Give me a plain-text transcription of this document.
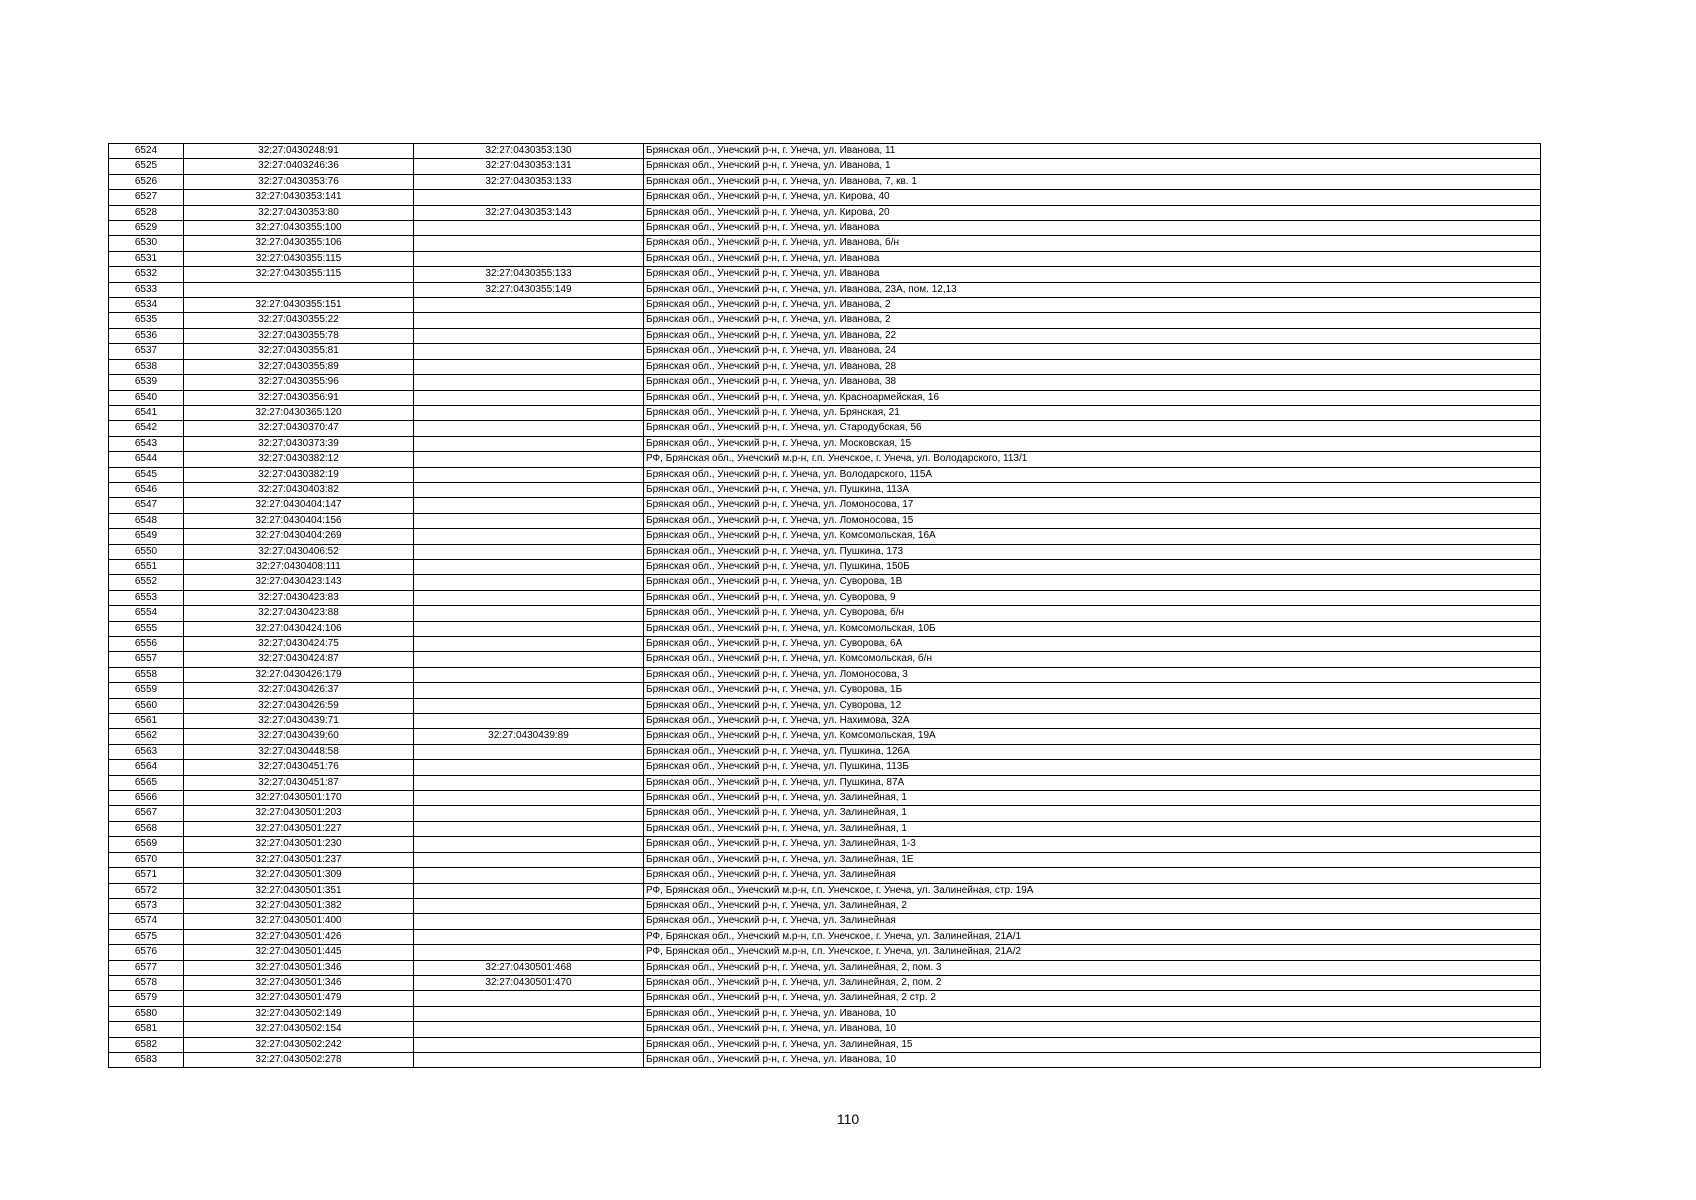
6524	32:27:0430248:91	32:27:0430353:130	Брянская обл., Унечский р-н, г. Унеча, ул. Иванова, 11
6525	32:27:0403246:36	32:27:0430353:131	Брянская обл., Унечский р-н, г. Унеча, ул. Иванова, 1
6526	32:27:0430353:76	32:27:0430353:133	Брянская обл., Унечский р-н, г. Унеча, ул. Иванова, 7, кв. 1
6527	32:27:0430353:141		Брянская обл., Унечский р-н, г. Унеча, ул. Кирова, 40
6528	32:27:0430353:80	32:27:0430353:143	Брянская обл., Унечский р-н, г. Унеча, ул. Кирова, 20
6529	32:27:0430355:100		Брянская обл., Унечский р-н, г. Унеча, ул. Иванова
6530	32:27:0430355:106		Брянская обл., Унечский р-н, г. Унеча, ул. Иванова, б/н
6531	32:27:0430355:115		Брянская обл., Унечский р-н, г. Унеча, ул. Иванова
6532	32:27:0430355:115	32:27:0430355:133	Брянская обл., Унечский р-н, г. Унеча, ул. Иванова
6533		32:27:0430355:149	Брянская обл., Унечский р-н, г. Унеча, ул. Иванова, 23А, пом. 12,13
6534	32:27:0430355:151		Брянская обл., Унечский р-н, г. Унеча, ул. Иванова, 2
6535	32:27:0430355:22		Брянская обл., Унечский р-н, г. Унеча, ул. Иванова, 2
6536	32:27:0430355:78		Брянская обл., Унечский р-н, г. Унеча, ул. Иванова, 22
6537	32:27:0430355:81		Брянская обл., Унечский р-н, г. Унеча, ул. Иванова, 24
6538	32:27:0430355:89		Брянская обл., Унечский р-н, г. Унеча, ул. Иванова, 28
6539	32:27:0430355:96		Брянская обл., Унечский р-н, г. Унеча, ул. Иванова, 38
6540	32:27:0430356:91		Брянская обл., Унечский р-н, г. Унеча, ул. Красноармейская, 16
6541	32:27:0430365:120		Брянская обл., Унечский р-н, г. Унеча, ул. Брянская, 21
6542	32:27:0430370:47		Брянская обл., Унечский р-н, г. Унеча, ул. Стародубская, 56
6543	32:27:0430373:39		Брянская обл., Унечский р-н, г. Унеча, ул. Московская, 15
6544	32:27:0430382:12		РФ, Брянская обл., Унечский м.р-н, г.п. Унечское, г. Унеча, ул. Володарского, 113/1
6545	32:27:0430382:19		Брянская обл., Унечский р-н, г. Унеча, ул. Володарского, 115А
6546	32:27:0430403:82		Брянская обл., Унечский р-н, г. Унеча, ул. Пушкина, 113А
6547	32:27:0430404:147		Брянская обл., Унечский р-н, г. Унеча, ул. Ломоносова, 17
6548	32:27:0430404:156		Брянская обл., Унечский р-н, г. Унеча, ул. Ломоносова, 15
6549	32:27:0430404:269		Брянская обл., Унечский р-н, г. Унеча, ул. Комсомольская, 16А
6550	32:27:0430406:52		Брянская обл., Унечский р-н, г. Унеча, ул. Пушкина, 173
6551	32:27:0430408:111		Брянская обл., Унечский р-н, г. Унеча, ул. Пушкина, 150Б
6552	32:27:0430423:143		Брянская обл., Унечский р-н, г. Унеча, ул. Суворова, 1В
6553	32:27:0430423:83		Брянская обл., Унечский р-н, г. Унеча, ул. Суворова, 9
6554	32:27:0430423:88		Брянская обл., Унечский р-н, г. Унеча, ул. Суворова, б/н
6555	32:27:0430424:106		Брянская обл., Унечский р-н, г. Унеча, ул. Комсомольская, 10Б
6556	32:27:0430424:75		Брянская обл., Унечский р-н, г. Унеча, ул. Суворова, 6А
6557	32:27:0430424:87		Брянская обл., Унечский р-н, г. Унеча, ул. Комсомольская, б/н
6558	32:27:0430426:179		Брянская обл., Унечский р-н, г. Унеча, ул. Ломоносова, 3
6559	32:27:0430426:37		Брянская обл., Унечский р-н, г. Унеча, ул. Суворова, 1Б
6560	32:27:0430426:59		Брянская обл., Унечский р-н, г. Унеча, ул. Суворова, 12
6561	32:27:0430439:71		Брянская обл., Унечский р-н, г. Унеча, ул. Нахимова, 32А
6562	32:27:0430439:60	32:27:0430439:89	Брянская обл., Унечский р-н, г. Унеча, ул. Комсомольская, 19А
6563	32:27:0430448:58		Брянская обл., Унечский р-н, г. Унеча, ул. Пушкина, 126А
6564	32:27:0430451:76		Брянская обл., Унечский р-н, г. Унеча, ул. Пушкина, 113Б
6565	32:27:0430451:87		Брянская обл., Унечский р-н, г. Унеча, ул. Пушкина, 87А
6566	32:27:0430501:170		Брянская обл., Унечский р-н, г. Унеча, ул. Залинейная, 1
6567	32:27:0430501:203		Брянская обл., Унечский р-н, г. Унеча, ул. Залинейная, 1
6568	32:27:0430501:227		Брянская обл., Унечский р-н, г. Унеча, ул. Залинейная, 1
6569	32:27:0430501:230		Брянская обл., Унечский р-н, г. Унеча, ул. Залинейная, 1-3
6570	32:27:0430501:237		Брянская обл., Унечский р-н, г. Унеча, ул. Залинейная, 1Е
6571	32:27:0430501:309		Брянская обл., Унечский р-н, г. Унеча, ул. Залинейная
6572	32:27:0430501:351		РФ, Брянская обл., Унечский м.р-н, г.п. Унечское, г. Унеча, ул. Залинейная, стр. 19А
6573	32:27:0430501:382		Брянская обл., Унечский р-н, г. Унеча, ул. Залинейная, 2
6574	32:27:0430501:400		Брянская обл., Унечский р-н, г. Унеча, ул. Залинейная
6575	32:27:0430501:426		РФ, Брянская обл., Унечский м.р-н, г.п. Унечское, г. Унеча, ул. Залинейная, 21А/1
6576	32:27:0430501:445		РФ, Брянская обл., Унечский м.р-н, г.п. Унечское, г. Унеча, ул. Залинейная, 21А/2
6577	32:27:0430501:346	32:27:0430501:468	Брянская обл., Унечский р-н, г. Унеча, ул. Залинейная, 2, пом. 3
6578	32:27:0430501:346	32:27:0430501:470	Брянская обл., Унечский р-н, г. Унеча, ул. Залинейная, 2, пом. 2
6579	32:27:0430501:479		Брянская обл., Унечский р-н, г. Унеча, ул. Залинейная, 2 стр. 2
6580	32:27:0430502:149		Брянская обл., Унечский р-н, г. Унеча, ул. Иванова, 10
6581	32:27:0430502:154		Брянская обл., Унечский р-н, г. Унеча, ул. Иванова, 10
6582	32:27:0430502:242		Брянская обл., Унечский р-н, г. Унеча, ул. Залинейная, 15
6583	32:27:0430502:278		Брянская обл., Унечский р-н, г. Унеча, ул. Иванова, 10
110
